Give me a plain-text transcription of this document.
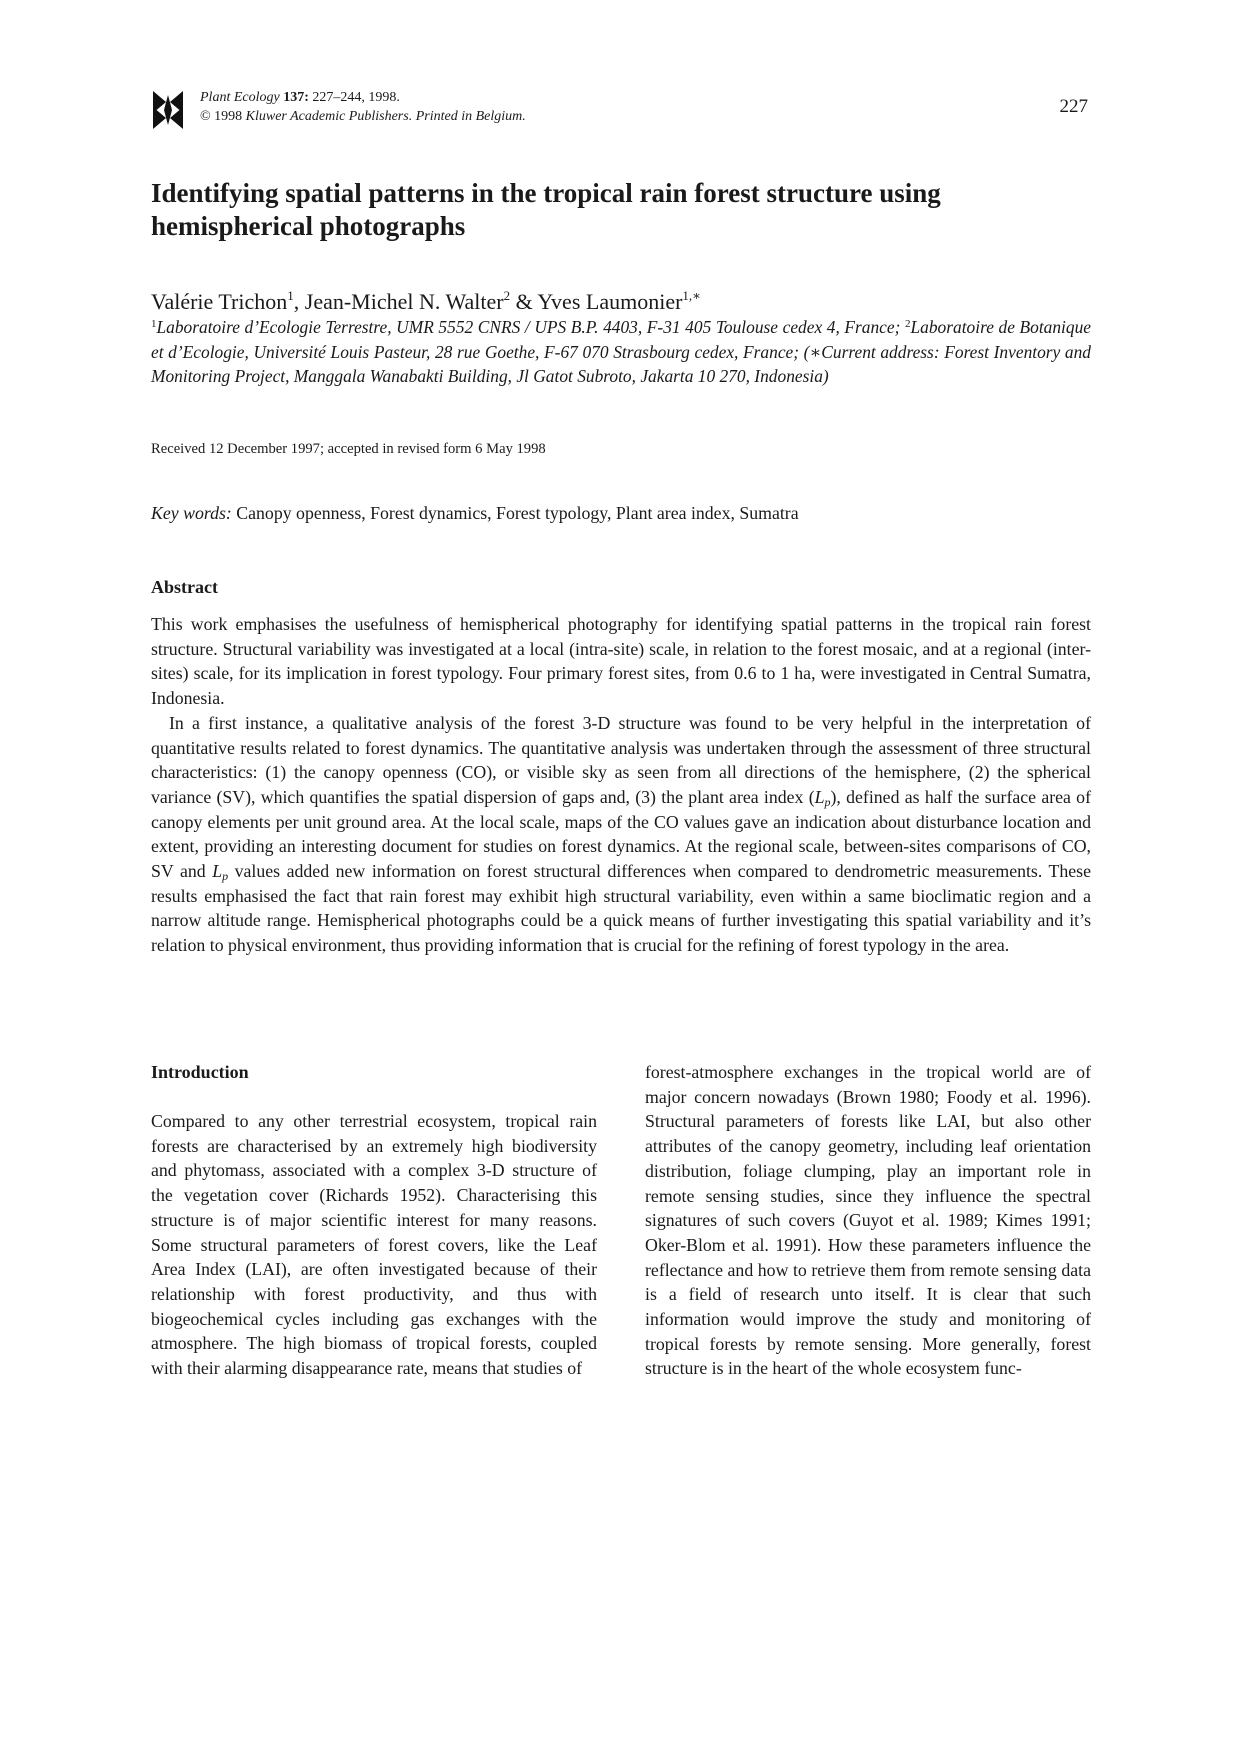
Plant Ecology 137: 227–244, 1998.
© 1998 Kluwer Academic Publishers. Printed in Belgium.	227
Identifying spatial patterns in the tropical rain forest structure using hemispherical photographs
Valérie Trichon$^1$, Jean-Michel N. Walter$^2$ & Yves Laumonier$^{1,∗}$
$^1$Laboratoire d’Ecologie Terrestre, UMR 5552 CNRS / UPS B.P. 4403, F-31 405 Toulouse cedex 4, France; $^2$Laboratoire de Botanique et d’Ecologie, Université Louis Pasteur, 28 rue Goethe, F-67 070 Strasbourg cedex, France; (∗Current address: Forest Inventory and Monitoring Project, Manggala Wanabakti Building, Jl Gatot Subroto, Jakarta 10 270, Indonesia)
Received 12 December 1997; accepted in revised form 6 May 1998
Key words: Canopy openness, Forest dynamics, Forest typology, Plant area index, Sumatra
Abstract

This work emphasises the usefulness of hemispherical photography for identifying spatial patterns in the tropical rain forest structure. Structural variability was investigated at a local (intra-site) scale, in relation to the forest mosaic, and at a regional (inter-sites) scale, for its implication in forest typology. Four primary forest sites, from 0.6 to 1 ha, were investigated in Central Sumatra, Indonesia.

In a first instance, a qualitative analysis of the forest 3-D structure was found to be very helpful in the interpretation of quantitative results related to forest dynamics. The quantitative analysis was undertaken through the assessment of three structural characteristics: (1) the canopy openness (CO), or visible sky as seen from all directions of the hemisphere, (2) the spherical variance (SV), which quantifies the spatial dispersion of gaps and, (3) the plant area index $(L_p)$, defined as half the surface area of canopy elements per unit ground area. At the local scale, maps of the CO values gave an indication about disturbance location and extent, providing an interesting document for studies on forest dynamics. At the regional scale, between-sites comparisons of CO, SV and $L_p$ values added new information on forest structural differences when compared to dendrometric measurements. These results emphasised the fact that rain forest may exhibit high structural variability, even within a same bioclimatic region and a narrow altitude range. Hemispherical photographs could be a quick means of further investigating this spatial variability and it’s relation to physical environment, thus providing information that is crucial for the refining of forest typology in the area.

Introduction

Compared to any other terrestrial ecosystem, tropical rain forests are characterised by an extremely high biodiversity and phytomass, associated with a complex 3-D structure of the vegetation cover (Richards 1952). Characterising this structure is of major scientific interest for many reasons. Some structural parameters of forest covers, like the Leaf Area Index (LAI), are often investigated because of their relationship with forest productivity, and thus with biogeochemical cycles including gas exchanges with the atmosphere. The high biomass of tropical forests, coupled with their alarming disappearance rate, means that studies of

forest-atmosphere exchanges in the tropical world are of major concern nowadays (Brown 1980; Foody et al. 1996). Structural parameters of forests like LAI, but also other attributes of the canopy geometry, including leaf orientation distribution, foliage clumping, play an important role in remote sensing studies, since they influence the spectral signatures of such covers (Guyot et al. 1989; Kimes 1991; Oker-Blom et al. 1991). How these parameters influence the reflectance and how to retrieve them from remote sensing data is a field of research unto itself. It is clear that such information would improve the study and monitoring of tropical forests by remote sensing. More generally, forest structure is in the heart of the whole ecosystem func-
